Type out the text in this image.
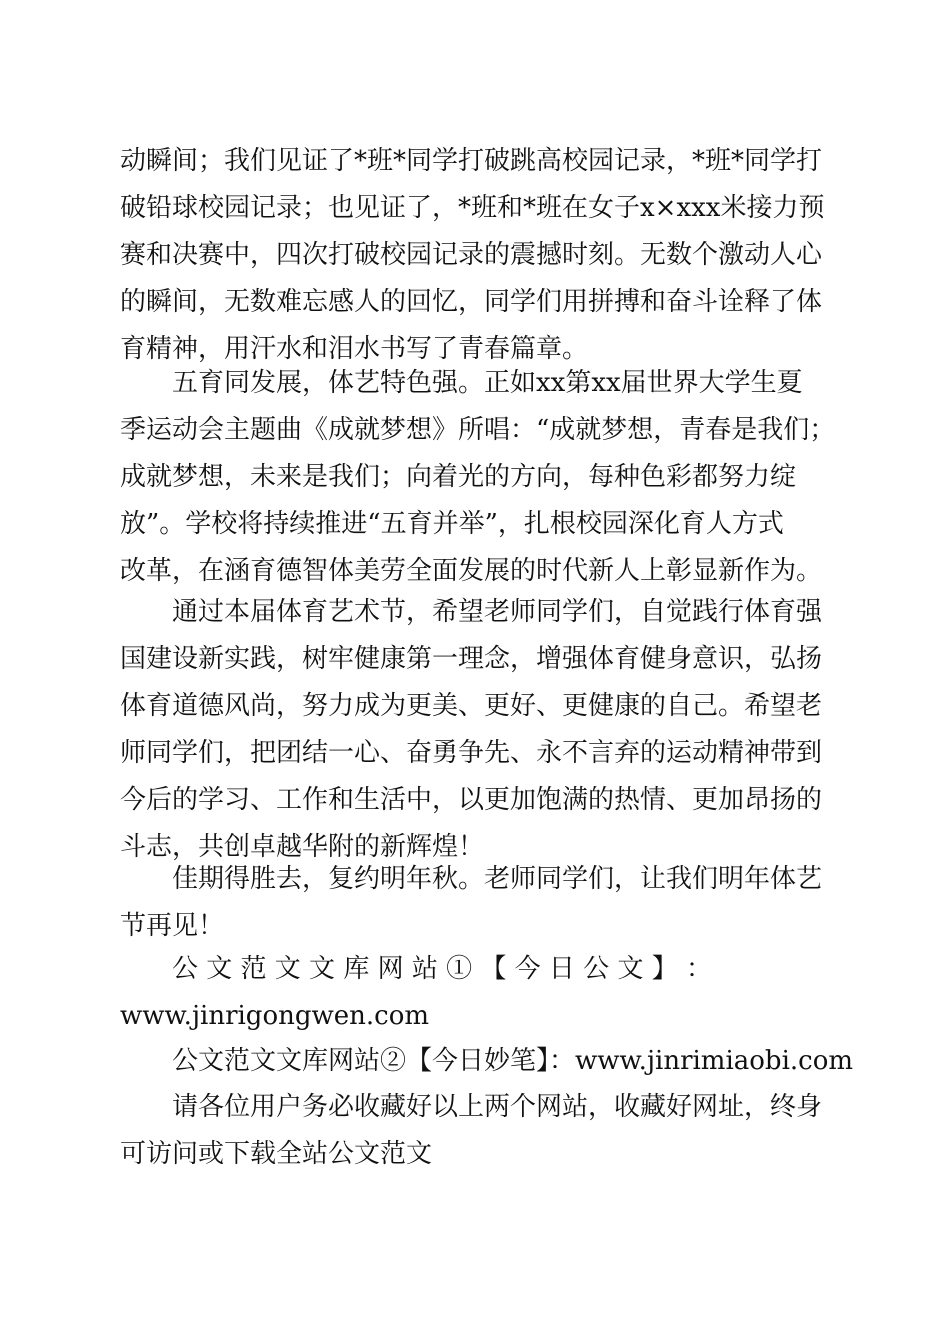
动瞬间；我们见证了*班*同学打破跳高校园记录，*班*同学打
破铅球校园记录；也见证了，*班和*班在女子x×xxx米接力预
赛和决赛中，四次打破校园记录的震撼时刻。无数个激动人心
的瞬间，无数难忘感人的回忆，同学们用拼搏和奋斗诠释了体
育精神，用汗水和泪水书写了青春篇章。
五育同发展，体艺特色强。正如xx第xx届世界大学生夏
季运动会主题曲《成就梦想》所唱：“成就梦想，青春是我们；
成就梦想，未来是我们；向着光的方向，每种色彩都努力绽
放”。学校将持续推进“五育并举”，扎根校园深化育人方式
改革，在涵育德智体美劳全面发展的时代新人上彰显新作为。
通过本届体育艺术节，希望老师同学们，自觉践行体育强
国建设新实践，树牢健康第一理念，增强体育健身意识，弘扬
体育道德风尚，努力成为更美、更好、更健康的自己。希望老
师同学们，把团结一心、奋勇争先、永不言弃的运动精神带到
今后的学习、工作和生活中，以更加饱满的热情、更加昂扬的
斗志，共创卓越华附的新辉煌！
佳期得胜去，复约明年秋。老师同学们，让我们明年体艺
节再见！
公 文 范 文 文 库 网 站 ① 【 今 日 公 文 】 ：
www.jinrigongwen.com
公文范文文库网站②【今日妙笔】：www.jinrimiaobi.com
请各位用户务必收藏好以上两个网站，收藏好网址，终身
可访问或下载全站公文范文
